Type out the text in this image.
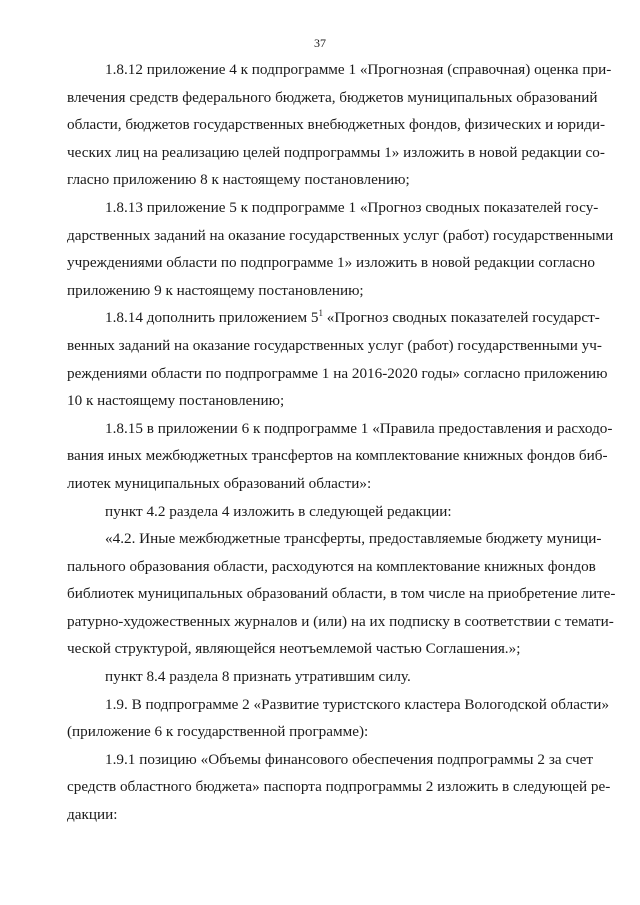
37
1.8.12 приложение 4 к подпрограмме 1 «Прогнозная (справочная) оценка при-
влечения средств федерального бюджета, бюджетов муниципальных образований
области, бюджетов государственных внебюджетных фондов, физических и юриди-
ческих лиц на реализацию целей подпрограммы 1» изложить в новой редакции со-
гласно приложению 8 к настоящему постановлению;
1.8.13 приложение 5 к подпрограмме 1 «Прогноз сводных показателей госу-
дарственных заданий на оказание государственных услуг (работ) государственными
учреждениями области по подпрограмме 1» изложить в новой редакции согласно
приложению 9 к настоящему постановлению;
1.8.14 дополнить приложением $5^1$ «Прогноз сводных показателей государст-
венных заданий на оказание государственных услуг (работ) государственными уч-
реждениями области по подпрограмме 1 на 2016-2020 годы» согласно приложению
10 к настоящему постановлению;
1.8.15 в приложении 6 к подпрограмме 1 «Правила предоставления и расходо-
вания иных межбюджетных трансфертов на комплектование книжных фондов биб-
лиотек муниципальных образований области»:
пункт 4.2 раздела 4 изложить в следующей редакции:
«4.2. Иные межбюджетные трансферты, предоставляемые бюджету муници-
пального образования области, расходуются на комплектование книжных фондов
библиотек муниципальных образований области, в том числе на приобретение лите-
ратурно-художественных журналов и (или) на их подписку в соответствии с темати-
ческой структурой, являющейся неотъемлемой частью Соглашения.»;
пункт 8.4 раздела 8 признать утратившим силу.
1.9. В подпрограмме 2 «Развитие туристского кластера Вологодской области»
(приложение 6 к государственной программе):
1.9.1 позицию «Объемы финансового обеспечения подпрограммы 2 за счет
средств областного бюджета» паспорта подпрограммы 2 изложить в следующей ре-
дакции:
